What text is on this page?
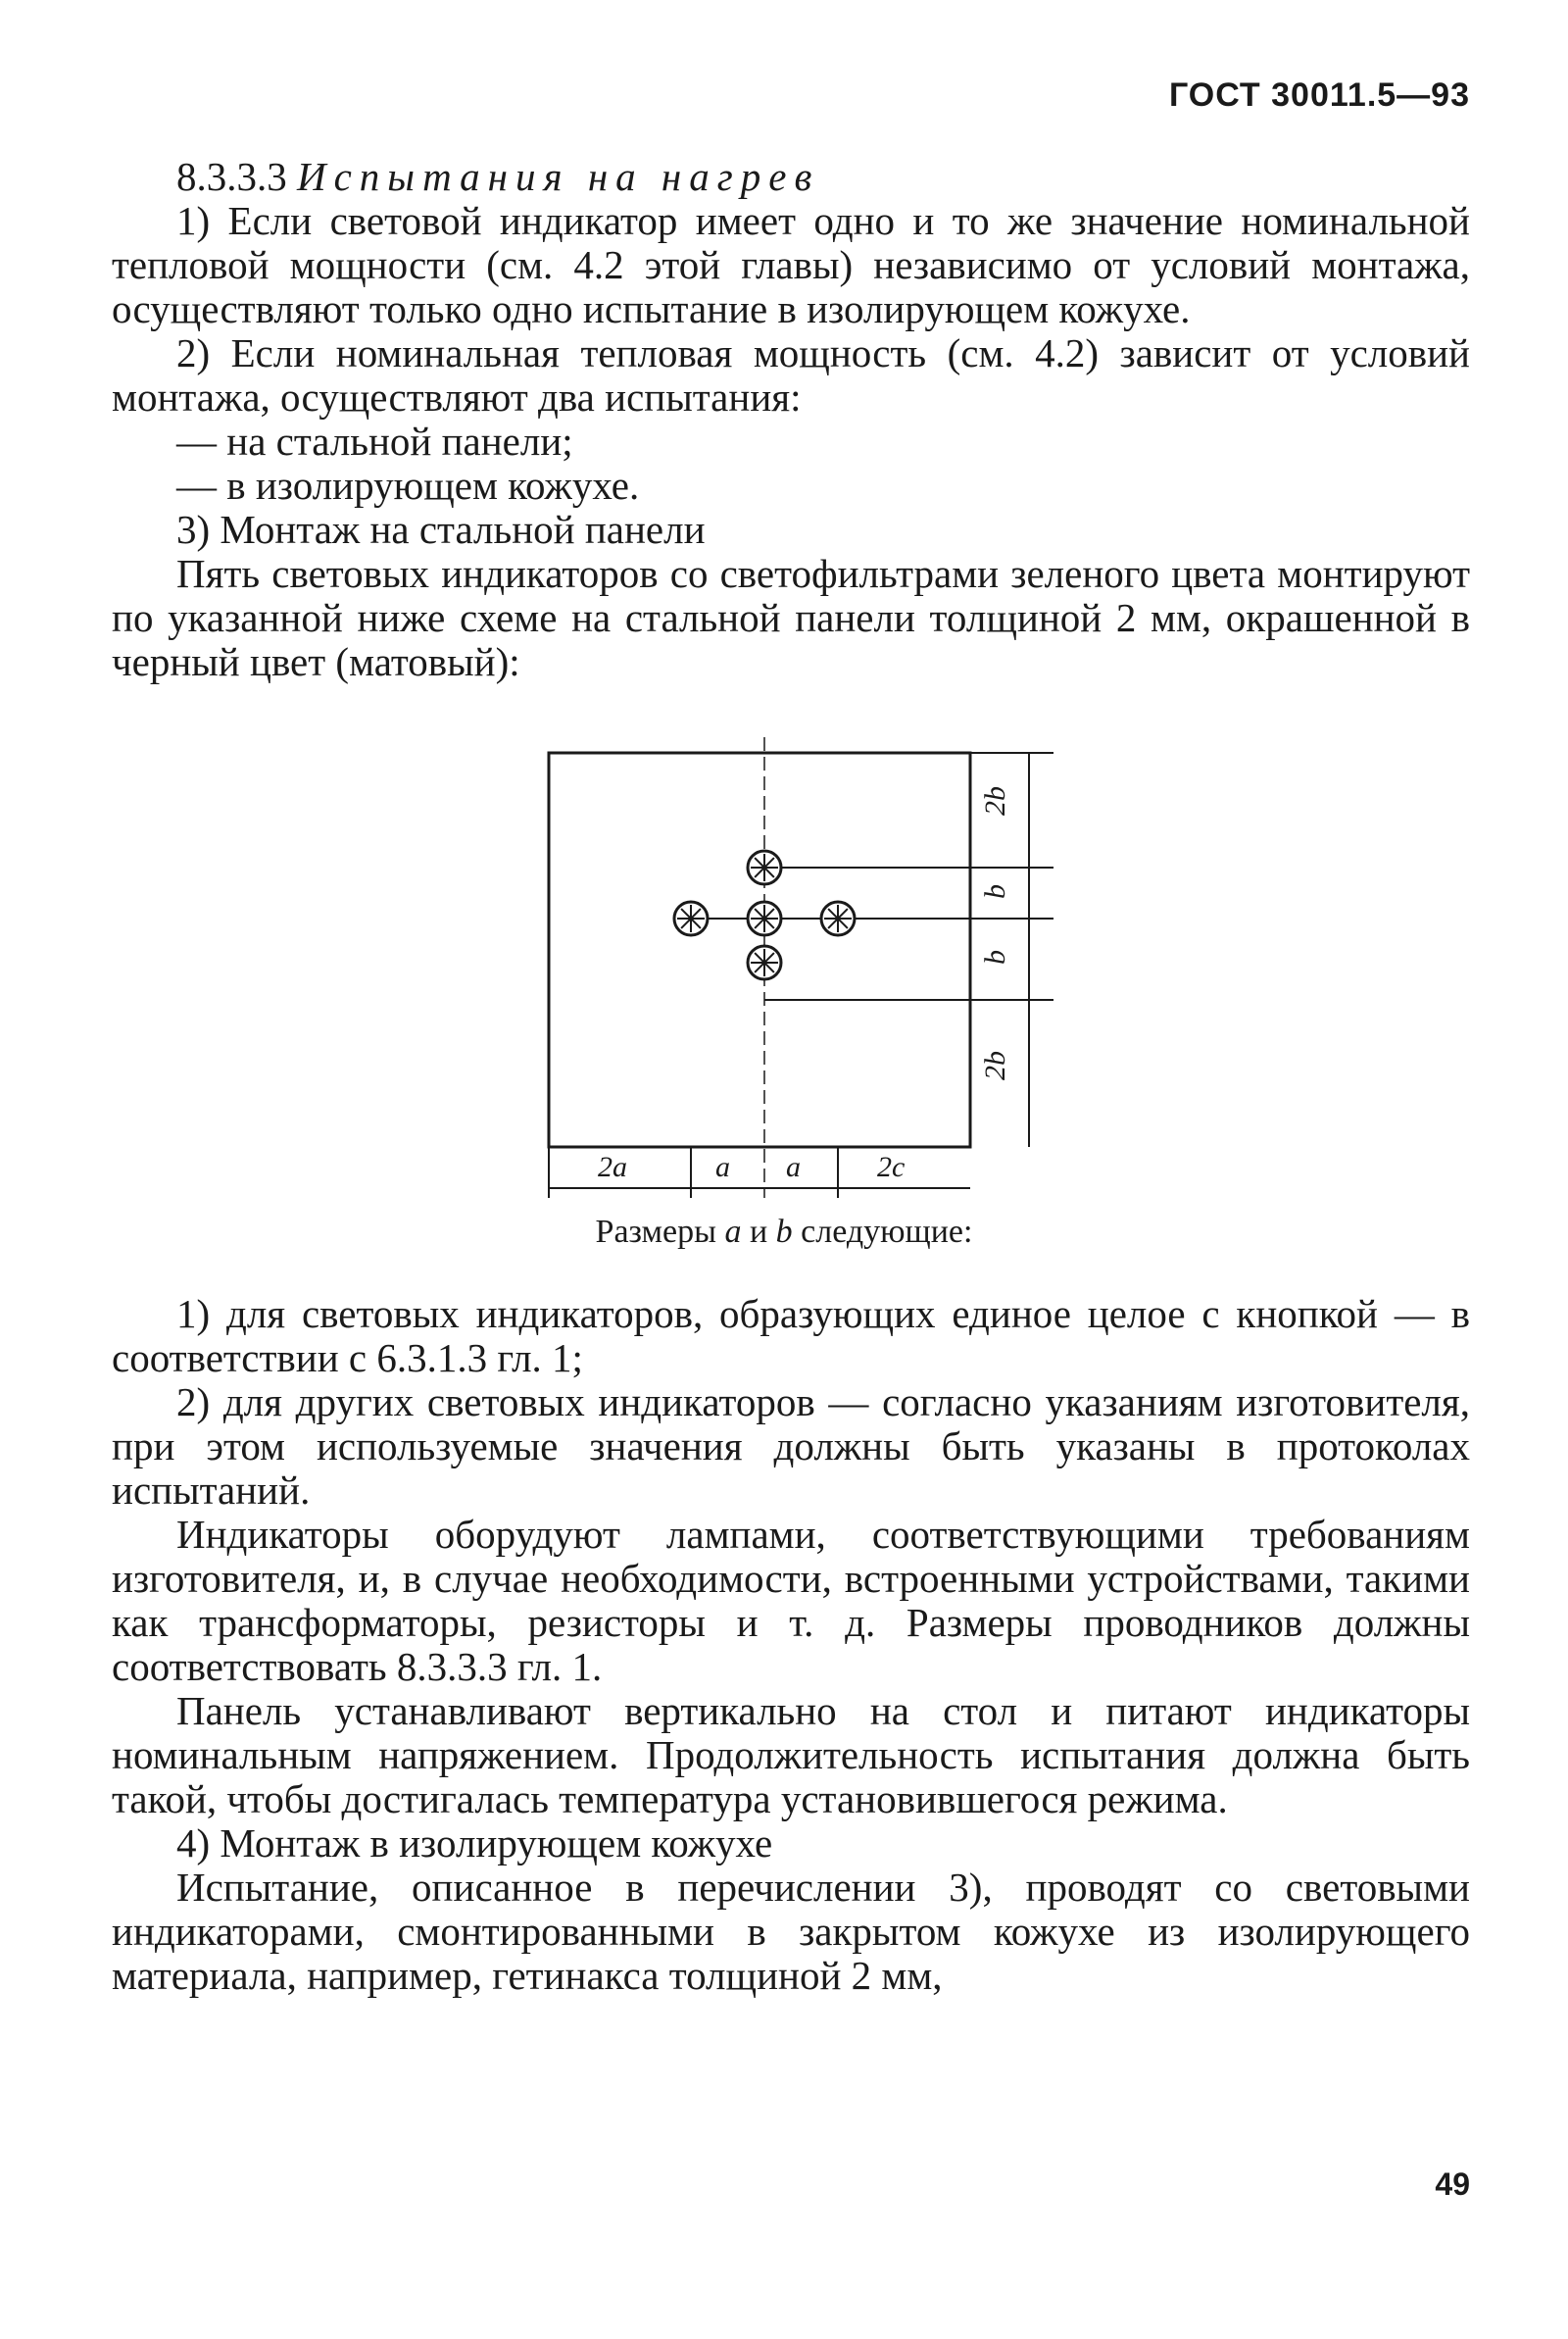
ГОСТ 30011.5—93

8.3.3.3 Испытания на нагрев

1) Если световой индикатор имеет одно и то же значение номинальной тепловой мощности (см. 4.2 этой главы) независимо от условий монтажа, осуществляют только одно испытание в изолирующем кожухе.

2) Если номинальная тепловая мощность (см. 4.2) зависит от условий монтажа, осуществляют два испытания:

— на стальной панели;

— в изолирующем кожухе.

3) Монтаж на стальной панели

Пять световых индикаторов со светофильтрами зеленого цвета монтируют по указанной ниже схеме на стальной панели толщиной 2 мм, окрашенной в черный цвет (матовый):

2a	a a	2c
2b
b
b
2b
Размеры a и b следующие:

1) для световых индикаторов, образующих единое целое с кнопкой — в соответствии с 6.3.1.3 гл. 1;

2) для других световых индикаторов — согласно указаниям изготовителя, при этом используемые значения должны быть указаны в протоколах испытаний.

Индикаторы оборудуют лампами, соответствующими требованиям изготовителя, и, в случае необходимости, встроенными устройствами, такими как трансформаторы, резисторы и т. д. Размеры проводников должны соответствовать 8.3.3.3 гл. 1.

Панель устанавливают вертикально на стол и питают индикаторы номинальным напряжением. Продолжительность испытания должна быть такой, чтобы достигалась температура установившегося режима.

4) Монтаж в изолирующем кожухе

Испытание, описанное в перечислении 3), проводят со световыми индикаторами, смонтированными в закрытом кожухе из изолирующего материала, например, гетинакса толщиной 2 мм,

49
